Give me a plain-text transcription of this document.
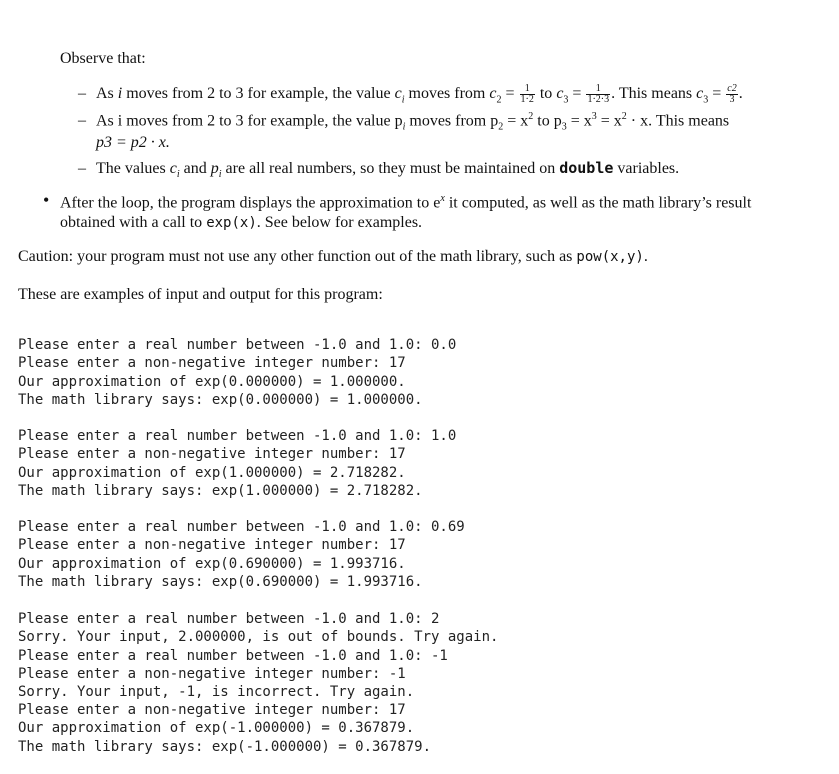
Observe that:
– As i moves from 2 to 3 for example, the value $c_i$ moves from $c_2 = \frac{1}{1\cdot 2}$ to $c_3 = \frac{1}{1\cdot 2\cdot 3}$ . This means $c_3 = \frac{c2}{3}$ .
– As i moves from 2 to 3 for example, the value $p_i$ moves from $p_2 = x^2$ to $p_3 = x^3 = x^2 \cdot x$. This means
p3 = p2 · x.
– The values $c_i$ and $p_i$ are all real numbers, so they must be maintained on double variables.
• After the loop, the program displays the approximation to $e^x$ it computed, as well as the math library’s result
obtained with a call to exp(x). See below for examples.
Caution: your program must not use any other function out of the math library, such as pow(x,y).
These are examples of input and output for this program:

Please enter a real number between -1.0 and 1.0: 0.0
Please enter a non-negative integer number: 17
Our approximation of exp(0.000000) = 1.000000.
The math library says: exp(0.000000) = 1.000000.

Please enter a real number between -1.0 and 1.0: 1.0
Please enter a non-negative integer number: 17
Our approximation of exp(1.000000) = 2.718282.
The math library says: exp(1.000000) = 2.718282.

Please enter a real number between -1.0 and 1.0: 0.69
Please enter a non-negative integer number: 17
Our approximation of exp(0.690000) = 1.993716.
The math library says: exp(0.690000) = 1.993716.

Please enter a real number between -1.0 and 1.0: 2
Sorry. Your input, 2.000000, is out of bounds. Try again.
Please enter a real number between -1.0 and 1.0: -1
Please enter a non-negative integer number: -1
Sorry. Your input, -1, is incorrect. Try again.
Please enter a non-negative integer number: 17
Our approximation of exp(-1.000000) = 0.367879.
The math library says: exp(-1.000000) = 0.367879.
